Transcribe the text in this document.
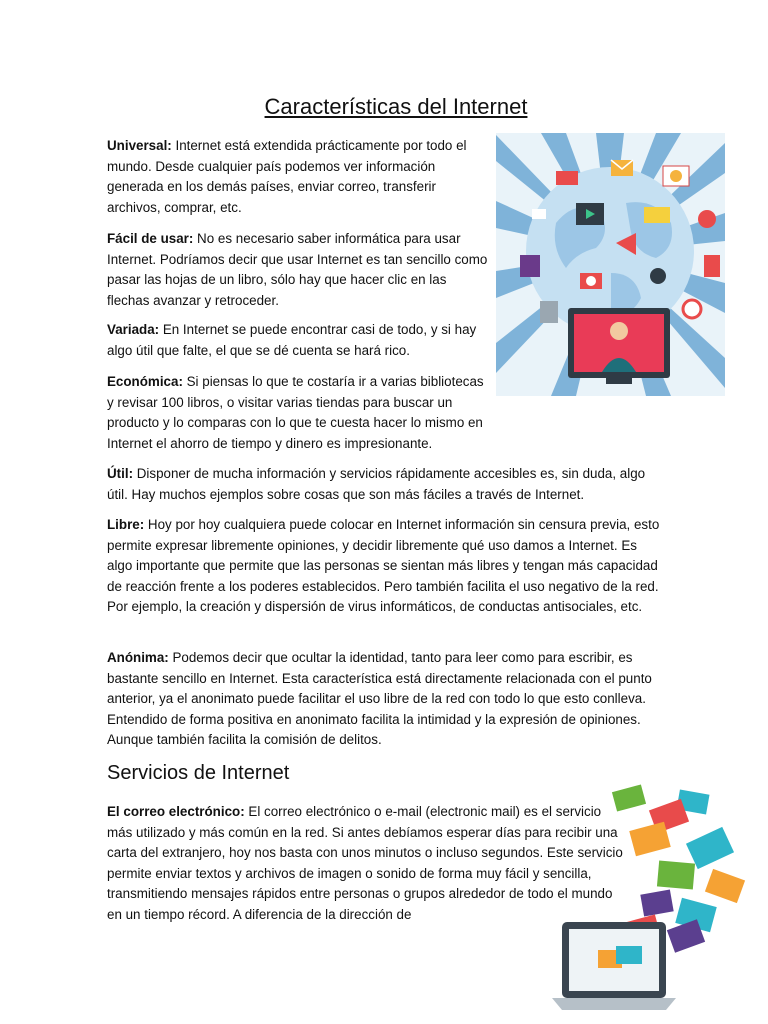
Características del Internet

Universal: Internet está extendida prácticamente por todo el mundo. Desde cualquier país podemos ver información generada en los demás países, enviar correo, transferir archivos, comprar, etc.

Fácil de usar: No es necesario saber informática para usar Internet. Podríamos decir que usar Internet es tan sencillo como pasar las hojas de un libro, sólo hay que hacer clic en las flechas avanzar y retroceder.

Variada: En Internet se puede encontrar casi de todo, y si hay algo útil que falte, el que se dé cuenta se hará rico.

Económica: Si piensas lo que te costaría ir a varias bibliotecas y revisar 100 libros, o visitar varias tiendas para buscar un producto y lo comparas con lo que te cuesta hacer lo mismo en Internet el ahorro de tiempo y dinero es impresionante.

Útil: Disponer de mucha información y servicios rápidamente accesibles es, sin duda, algo útil. Hay muchos ejemplos sobre cosas que son más fáciles a través de Internet.

Libre: Hoy por hoy cualquiera puede colocar en Internet información sin censura previa, esto permite expresar libremente opiniones, y decidir libremente qué uso damos a Internet. Es algo importante que permite que las personas se sientan más libres y tengan más capacidad de reacción frente a los poderes establecidos. Pero también facilita el uso negativo de la red. Por ejemplo, la creación y dispersión de virus informáticos, de conductas antisociales, etc.

Anónima: Podemos decir que ocultar la identidad, tanto para leer como para escribir, es bastante sencillo en Internet. Esta característica está directamente relacionada con el punto anterior, ya el anonimato puede facilitar el uso libre de la red con todo lo que esto conlleva. Entendido de forma positiva en anonimato facilita la intimidad y la expresión de opiniones. Aunque también facilita la comisión de delitos.

Servicios de Internet

El correo electrónico: El correo electrónico o e-mail (electronic mail) es el servicio más utilizado y más común en la red. Si antes debíamos esperar días para recibir una carta del extranjero, hoy nos basta con unos minutos o incluso segundos. Este servicio permite enviar textos y archivos de imagen o sonido de forma muy fácil y sencilla, transmitiendo mensajes rápidos entre personas o grupos alrededor de todo el mundo en un tiempo récord. A diferencia de la dirección de
